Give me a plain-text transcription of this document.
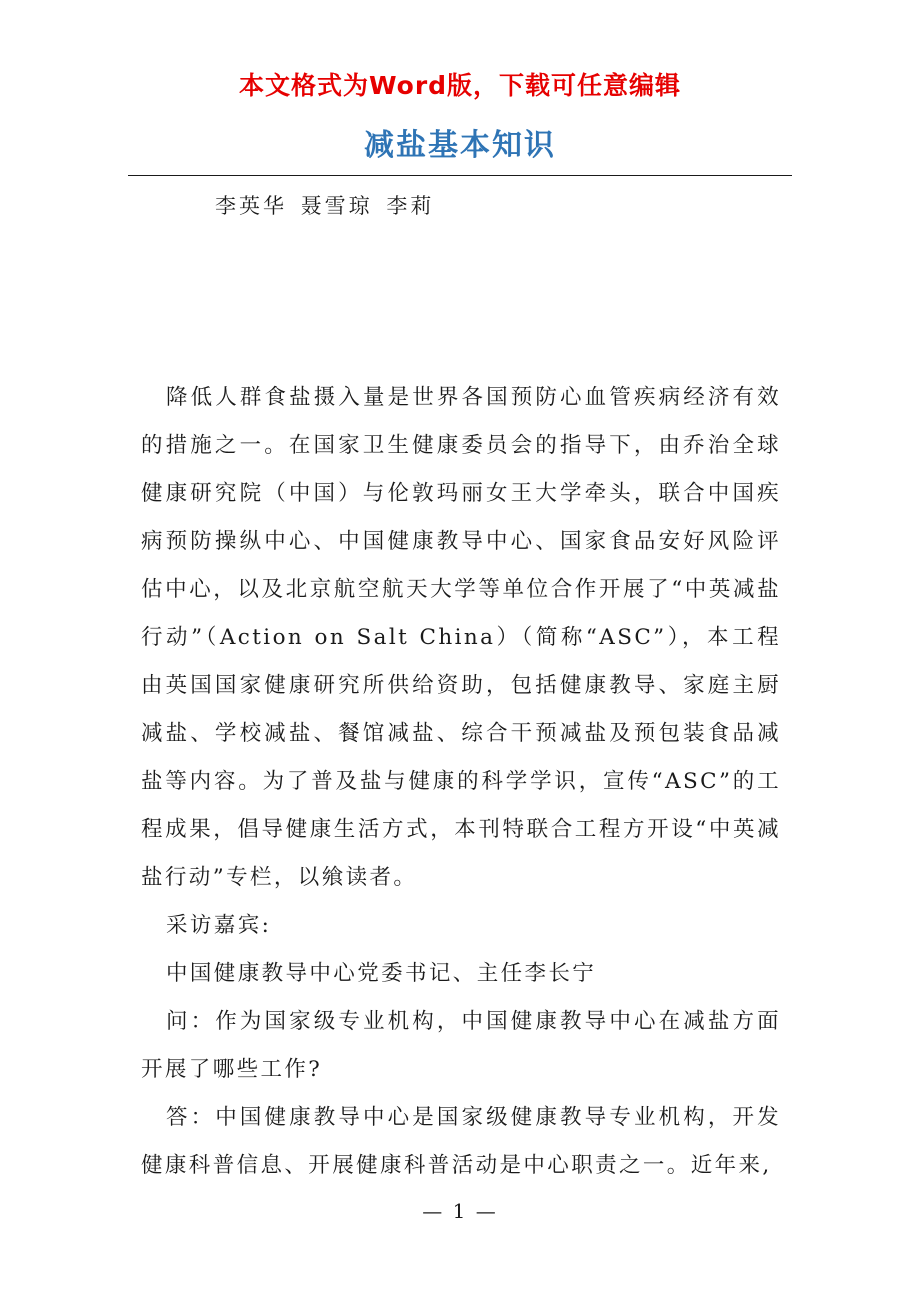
本文格式为Word版，下载可任意编辑
减盐基本知识
李英华 聂雪琼 李莉

降低人群食盐摄入量是世界各国预防心血管疾病经济有效的措施之一。在国家卫生健康委员会的指导下，由乔治全球健康研究院（中国）与伦敦玛丽女王大学牵头，联合中国疾病预防操纵中心、中国健康教导中心、国家食品安好风险评估中心，以及北京航空航天大学等单位合作开展了“中英减盐行动”（Action on Salt China）（简称“ASC”），本工程由英国国家健康研究所供给资助，包括健康教导、家庭主厨减盐、学校减盐、餐馆减盐、综合干预减盐及预包装食品减盐等内容。为了普及盐与健康的科学学识，宣传“ASC”的工程成果，倡导健康生活方式，本刊特联合工程方开设“中英减盐行动”专栏，以飨读者。

采访嘉宾:

中国健康教导中心党委书记、主任李长宁

问：作为国家级专业机构，中国健康教导中心在减盐方面开展了哪些工作?

答：中国健康教导中心是国家级健康教导专业机构，开发健康科普信息、开展健康科普活动是中心职责之一。近年来,

— 1 —
